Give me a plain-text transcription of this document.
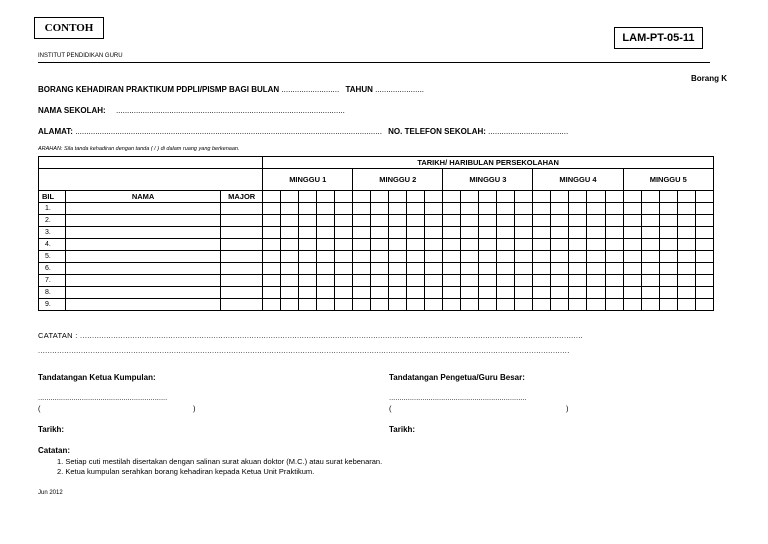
CONTOH
LAM-PT-05-11
INSTITUT PENDIDIKAN GURU
Borang K
BORANG KEHADIRAN PRAKTIKUM PDPLI/PISMP BAGI BULAN .......................... TAHUN ......................
NAMA SEKOLAH: .......................................................................................................
ALAMAT: .......................................................................................................................................... NO. TELEFON SEKOLAH: ....................................
ARAHAN: Sila tanda kehadiran dengan tanda ( / ) di dalam ruang yang berkenaan.
			TARIKH/ HARIBULAN PERSEKOLAHAN																								
			MINGGU 1					MINGGU 2					MINGGU 3					MINGGU 4					MINGGU 5				
BIL	NAMA	MAJOR																									
1.																											
2.																											
3.																											
4.																											
5.																											
6.																											
7.																											
8.																											
9.																											
CATATAN : ...................................................................................................................................................................................................................
...............................................................................................................................................................................................................................
Tandatangan Ketua Kumpulan:
..............................................................
(	)
Tarikh:
Tandatangan Pengetua/Guru Besar:
..................................................................
(	)
Tarikh:
Catatan:
1. Setiap cuti mestilah disertakan dengan salinan surat akuan doktor (M.C.) atau surat kebenaran.
2. Ketua kumpulan serahkan borang kehadiran kepada Ketua Unit Praktikum.
Jun 2012
